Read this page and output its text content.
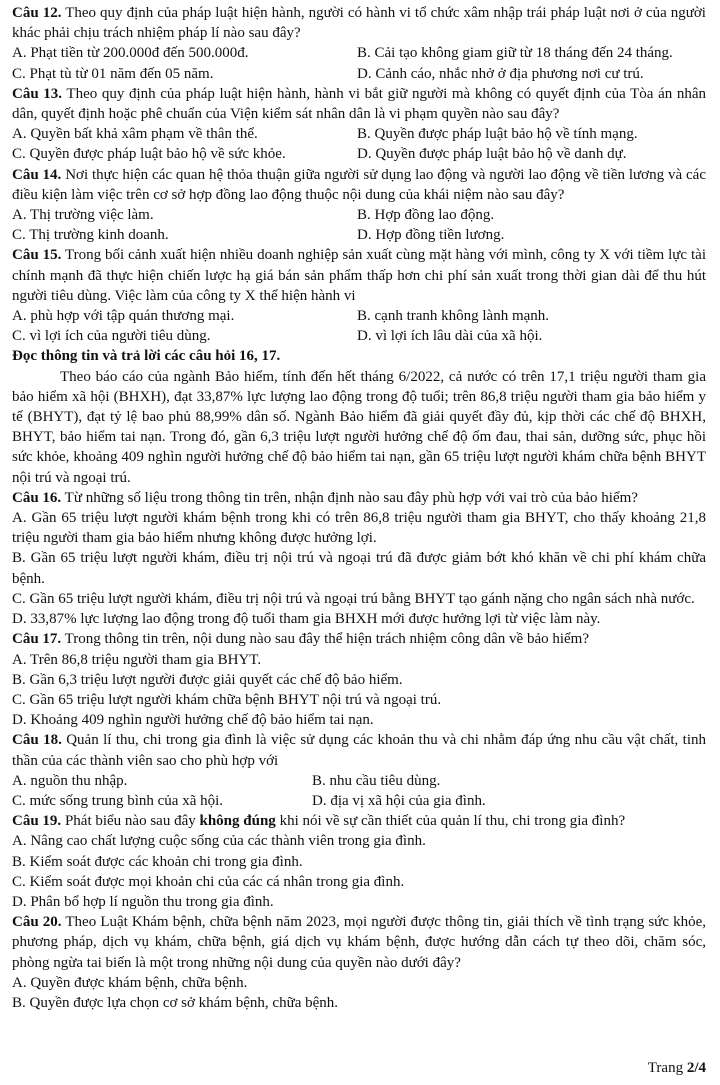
Câu 12. Theo quy định của pháp luật hiện hành, người có hành vi tổ chức xâm nhập trái pháp luật nơi ở của người khác phải chịu trách nhiệm pháp lí nào sau đây?

A. Phạt tiền từ 200.000đ đến 500.000đ.	B. Cải tạo không giam giữ từ 18 tháng đến 24 tháng.

C. Phạt tù từ 01 năm đến 05 năm.	D. Cảnh cáo, nhắc nhở ở địa phương nơi cư trú.

Câu 13. Theo quy định của pháp luật hiện hành, hành vi bắt giữ người mà không có quyết định của Tòa án nhân dân, quyết định hoặc phê chuẩn của Viện kiểm sát nhân dân là vi phạm quyền nào sau đây?

A. Quyền bất khả xâm phạm về thân thể.	B. Quyền được pháp luật bảo hộ về tính mạng.

C. Quyền được pháp luật bảo hộ về sức khỏe.	D. Quyền được pháp luật bảo hộ về danh dự.

Câu 14. Nơi thực hiện các quan hệ thỏa thuận giữa người sử dụng lao động và người lao động về tiền lương và các điều kiện làm việc trên cơ sở hợp đồng lao động thuộc nội dung của khái niệm nào sau đây?

A. Thị trường việc làm.	B. Hợp đồng lao động.

C. Thị trường kinh doanh.	D. Hợp đồng tiền lương.

Câu 15. Trong bối cảnh xuất hiện nhiều doanh nghiệp sản xuất cùng mặt hàng với mình, công ty X với tiềm lực tài chính mạnh đã thực hiện chiến lược hạ giá bán sản phẩm thấp hơn chi phí sản xuất trong thời gian dài để thu hút người tiêu dùng. Việc làm của công ty X thể hiện hành vi

A. phù hợp với tập quán thương mại.	B. cạnh tranh không lành mạnh.

C. vì lợi ích của người tiêu dùng.	D. vì lợi ích lâu dài của xã hội.

Đọc thông tin và trả lời các câu hỏi 16, 17.

Theo báo cáo của ngành Bảo hiểm, tính đến hết tháng 6/2022, cả nước có trên 17,1 triệu người tham gia bảo hiểm xã hội (BHXH), đạt 33,87% lực lượng lao động trong độ tuổi; trên 86,8 triệu người tham gia bảo hiểm y tế (BHYT), đạt tỷ lệ bao phủ 88,99% dân số. Ngành Bảo hiểm đã giải quyết đầy đủ, kịp thời các chế độ BHXH, BHYT, bảo hiểm tai nạn. Trong đó, gần 6,3 triệu lượt người hưởng chế độ ốm đau, thai sản, dưỡng sức, phục hồi sức khỏe, khoảng 409 nghìn người hưởng chế độ bảo hiểm tai nạn, gần 65 triệu lượt người khám chữa bệnh BHYT nội trú và ngoại trú.

Câu 16. Từ những số liệu trong thông tin trên, nhận định nào sau đây phù hợp với vai trò của bảo hiểm?

A. Gần 65 triệu lượt người khám bệnh trong khi có trên 86,8 triệu người tham gia BHYT, cho thấy khoảng 21,8 triệu người tham gia bảo hiểm nhưng không được hưởng lợi.

B. Gần 65 triệu lượt người khám, điều trị nội trú và ngoại trú đã được giảm bớt khó khăn về chi phí khám chữa bệnh.

C. Gần 65 triệu lượt người khám, điều trị nội trú và ngoại trú bằng BHYT tạo gánh nặng cho ngân sách nhà nước.

D. 33,87% lực lượng lao động trong độ tuổi tham gia BHXH mới được hưởng lợi từ việc làm này.

Câu 17. Trong thông tin trên, nội dung nào sau đây thể hiện trách nhiệm công dân về bảo hiểm?

A. Trên 86,8 triệu người tham gia BHYT.

B. Gần 6,3 triệu lượt người được giải quyết các chế độ bảo hiểm.

C. Gần 65 triệu lượt người khám chữa bệnh BHYT nội trú và ngoại trú.

D. Khoảng 409 nghìn người hưởng chế độ bảo hiểm tai nạn.

Câu 18. Quản lí thu, chi trong gia đình là việc sử dụng các khoản thu và chi nhằm đáp ứng nhu cầu vật chất, tinh thần của các thành viên sao cho phù hợp với

A. nguồn thu nhập.	B. nhu cầu tiêu dùng.

C. mức sống trung bình của xã hội.	D. địa vị xã hội của gia đình.

Câu 19. Phát biểu nào sau đây không đúng khi nói về sự cần thiết của quản lí thu, chi trong gia đình?

A. Nâng cao chất lượng cuộc sống của các thành viên trong gia đình.

B. Kiểm soát được các khoản chi trong gia đình.

C. Kiểm soát được mọi khoản chi của các cá nhân trong gia đình.

D. Phân bổ hợp lí nguồn thu trong gia đình.

Câu 20. Theo Luật Khám bệnh, chữa bệnh năm 2023, mọi người được thông tin, giải thích về tình trạng sức khỏe, phương pháp, dịch vụ khám, chữa bệnh, giá dịch vụ khám bệnh, được hướng dẫn cách tự theo dõi, chăm sóc, phòng ngừa tai biến là một trong những nội dung của quyền nào dưới đây?

A. Quyền được khám bệnh, chữa bệnh.

B. Quyền được lựa chọn cơ sở khám bệnh, chữa bệnh.

Trang 2/4
